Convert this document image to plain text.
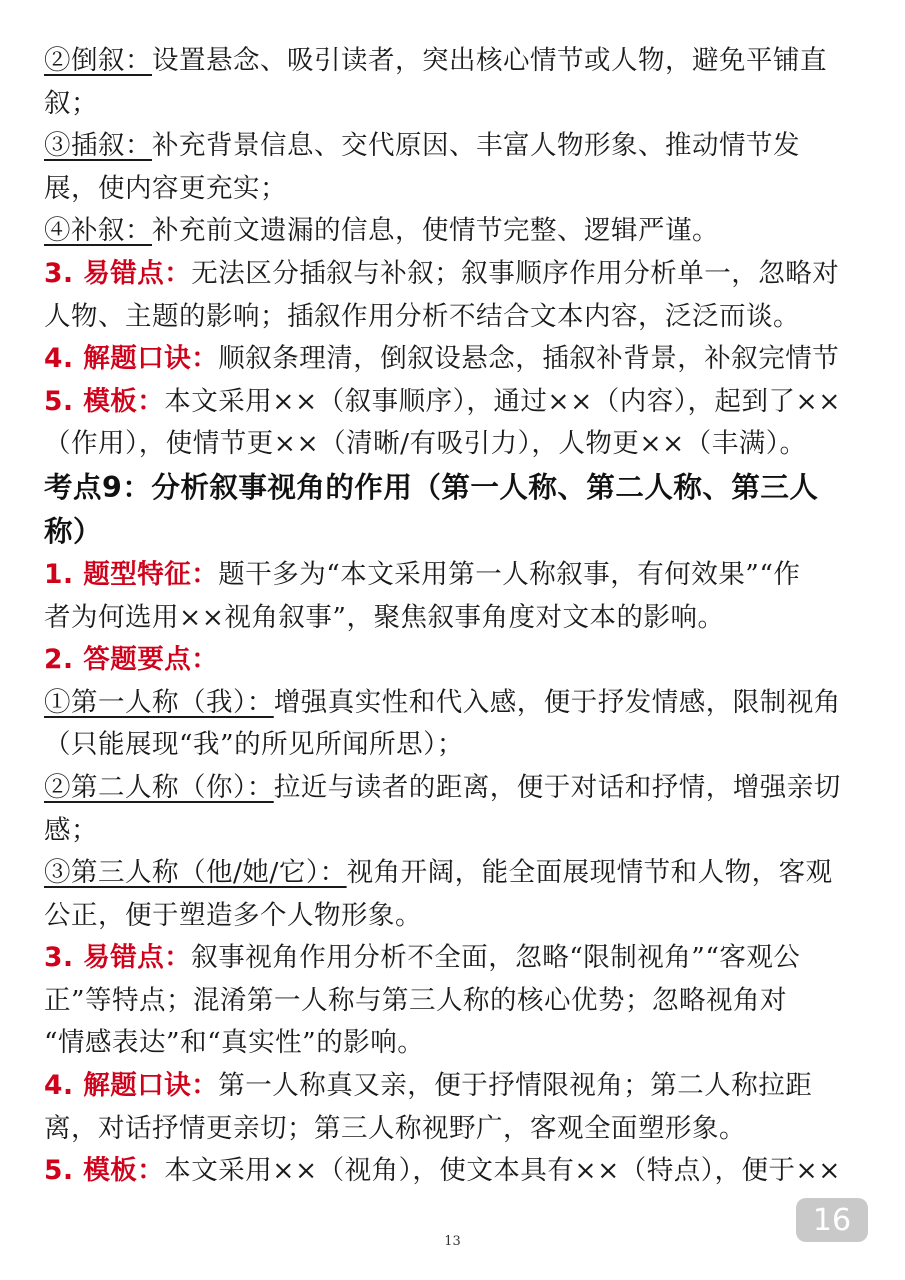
②倒叙：设置悬念、吸引读者，突出核心情节或人物，避免平铺直
叙；
③插叙：补充背景信息、交代原因、丰富人物形象、推动情节发
展，使内容更充实；
④补叙：补充前文遗漏的信息，使情节完整、逻辑严谨。
3. 易错点：无法区分插叙与补叙；叙事顺序作用分析单一，忽略对
人物、主题的影响；插叙作用分析不结合文本内容，泛泛而谈。
4. 解题口诀：顺叙条理清，倒叙设悬念，插叙补背景，补叙完情节
5. 模板：本文采用××（叙事顺序），通过××（内容），起到了××
（作用），使情节更××（清晰/有吸引力），人物更××（丰满）。
考点9：分析叙事视角的作用（第一人称、第二人称、第三人
称）
1. 题型特征：题干多为“本文采用第一人称叙事，有何效果”“作
者为何选用××视角叙事”，聚焦叙事角度对文本的影响。
2. 答题要点：
①第一人称（我）：增强真实性和代入感，便于抒发情感，限制视角
（只能展现“我”的所见所闻所思）；
②第二人称（你）：拉近与读者的距离，便于对话和抒情，增强亲切
感；
③第三人称（他/她/它）：视角开阔，能全面展现情节和人物，客观
公正，便于塑造多个人物形象。
3. 易错点：叙事视角作用分析不全面，忽略“限制视角”“客观公
正”等特点；混淆第一人称与第三人称的核心优势；忽略视角对
“情感表达”和“真实性”的影响。
4. 解题口诀：第一人称真又亲，便于抒情限视角；第二人称拉距
离，对话抒情更亲切；第三人称视野广，客观全面塑形象。
5. 模板：本文采用××（视角），使文本具有××（特点），便于××
16
13
